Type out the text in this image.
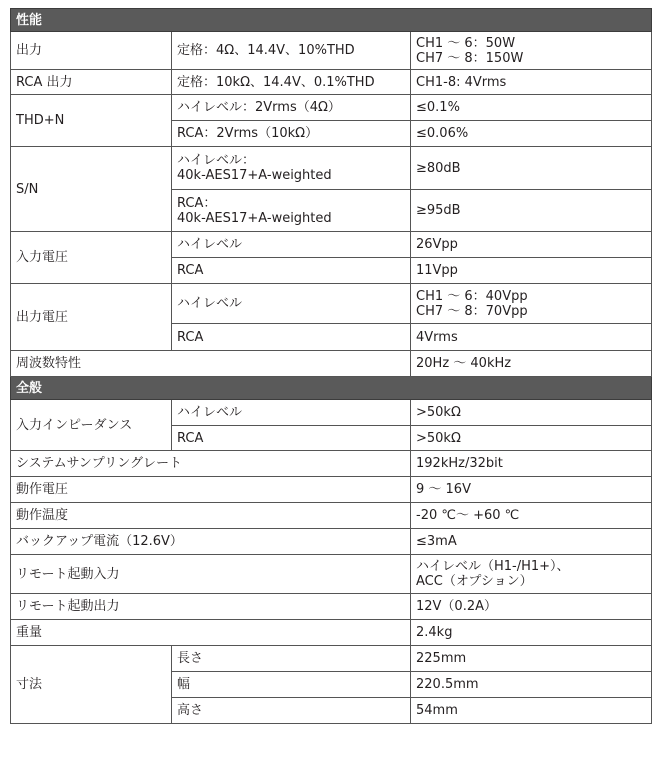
性能		
出力	定格：4Ω、14.4V、10%THD	CH1 ～ 6：50W
CH7 ～ 8：150W
RCA 出力	定格：10kΩ、14.4V、0.1%THD	CH1-8: 4Vrms
THD+N	ハイレベル：2Vrms（4Ω）	≤0.1%
	RCA：2Vrms（10kΩ）	≤0.06%
S/N	ハイレベル：
40k-AES17+A-weighted	≥80dB
	RCA：
40k-AES17+A-weighted	≥95dB
入力電圧	ハイレベル	26Vpp
	RCA	11Vpp
出力電圧	ハイレベル	CH1 ～ 6：40Vpp
CH7 ～ 8：70Vpp
	RCA	4Vrms
周波数特性		20Hz ～ 40kHz
全般		
入力インピーダンス	ハイレベル	>50kΩ
	RCA	>50kΩ
システムサンプリングレート		192kHz/32bit
動作電圧		9 ～ 16V
動作温度		-20 ℃～ +60 ℃
バックアップ電流（12.6V）		≤3mA
リモート起動入力		ハイレベル（H1-/H1+）、
ACC（オプション）
リモート起動出力		12V（0.2A）
重量		2.4kg
寸法	長さ	225mm
	幅	220.5mm
	高さ	54mm
